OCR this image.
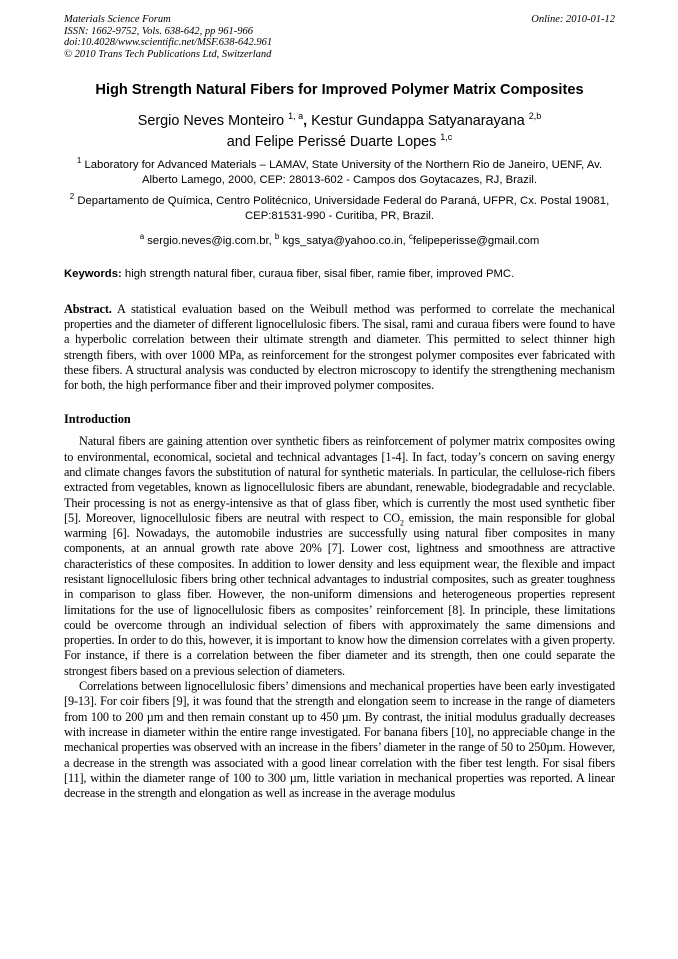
Materials Science Forum
ISSN: 1662-9752, Vols. 638-642, pp 961-966
doi:10.4028/www.scientific.net/MSF.638-642.961
© 2010 Trans Tech Publications Ltd, Switzerland
Online: 2010-01-12
High Strength Natural Fibers for Improved Polymer Matrix Composites
Sergio Neves Monteiro $^{1, a}$, Kestur Gundappa Satyanarayana $^{2,b}$
and Felipe Perissé Duarte Lopes $^{1,c}$
$^1$ Laboratory for Advanced Materials – LAMAV, State University of the Northern Rio de Janeiro, UENF, Av. Alberto Lamego, 2000, CEP: 28013-602 - Campos dos Goytacazes, RJ, Brazil.
$^2$ Departamento de Química, Centro Politécnico, Universidade Federal do Paraná, UFPR, Cx. Postal 19081, CEP:81531-990 - Curitiba, PR, Brazil.
$^a$ sergio.neves@ig.com.br, $^b$ kgs_satya@yahoo.co.in, $^c$felipeperisse@gmail.com
Keywords: high strength natural fiber, curaua fiber, sisal fiber, ramie fiber, improved PMC.
Abstract. A statistical evaluation based on the Weibull method was performed to correlate the mechanical properties and the diameter of different lignocellulosic fibers. The sisal, rami and curaua fibers were found to have a hyperbolic correlation between their ultimate strength and diameter. This permitted to select thinner high strength fibers, with over 1000 MPa, as reinforcement for the strongest polymer composites ever fabricated with these fibers. A structural analysis was conducted by electron microscopy to identify the strengthening mechanism for both, the high performance fiber and their improved polymer composites.
Introduction

Natural fibers are gaining attention over synthetic fibers as reinforcement of polymer matrix composites owing to environmental, economical, societal and technical advantages [1-4]. In fact, today’s concern on saving energy and climate changes favors the substitution of natural for synthetic materials. In particular, the cellulose-rich fibers extracted from vegetables, known as lignocellulosic fibers are abundant, renewable, biodegradable and recyclable. Their processing is not as energy-intensive as that of glass fiber, which is currently the most used synthetic fiber [5]. Moreover, lignocellulosic fibers are neutral with respect to $CO_2$ emission, the main responsible for global warming [6]. Nowadays, the automobile industries are successfully using natural fiber composites in many components, at an annual growth rate above 20% [7]. Lower cost, lightness and smoothness are attractive characteristics of these composites. In addition to lower density and less equipment wear, the flexible and impact resistant lignocellulosic fibers bring other technical advantages to industrial composites, such as greater toughness in comparison to glass fiber. However, the non-uniform dimensions and heterogeneous properties represent limitations for the use of lignocellulosic fibers as composites’ reinforcement [8]. In principle, these limitations could be overcome through an individual selection of fibers with approximately the same dimensions and properties. In order to do this, however, it is important to know how the dimension correlates with a given property. For instance, if there is a correlation between the fiber diameter and its strength, then one could separate the strongest fibers based on a previous selection of diameters.

Correlations between lignocellulosic fibers’ dimensions and mechanical properties have been early investigated [9-13]. For coir fibers [9], it was found that the strength and elongation seem to increase in the range of diameters from 100 to 200 µm and then remain constant up to 450 µm. By contrast, the initial modulus gradually decreases with increase in diameter within the entire range investigated. For banana fibers [10], no appreciable change in the mechanical properties was observed with an increase in the fibers’ diameter in the range of 50 to 250µm. However, a decrease in the strength was associated with a good linear correlation with the fiber test length. For sisal fibers [11], within the diameter range of 100 to 300 µm, little variation in mechanical properties was reported. A linear decrease in the strength and elongation as well as increase in the average modulus
